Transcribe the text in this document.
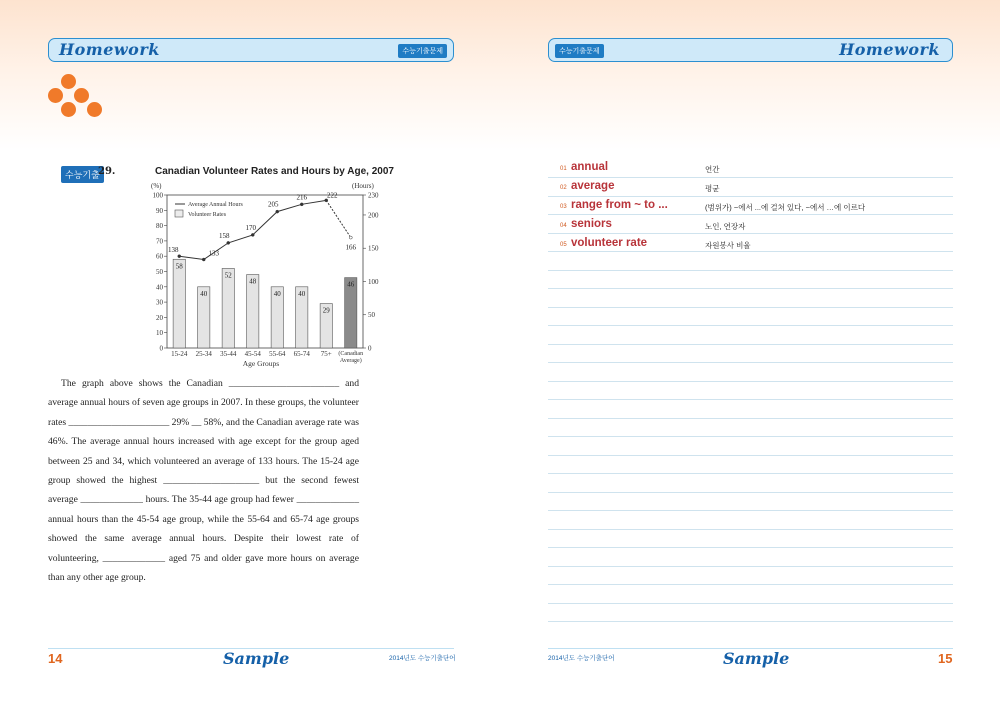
Homework	수능기출문제
수능기출
29.	Canadian Volunteer Rates and Hours by Age, 2007
(%)	(Hours)
0
10
20
30
40
50
60
70
80
90
100
0
50
100
150
200
230
58
15-24
40
25-34
52
35-44
48
45-54
40
55-64
40
65-74
29
75+
46
(Canadian
Average)
138	133
158
170
205
216	222
166
Average Annual Hours
Volunteer Rates
Age Groups

The graph above shows the Canadian _______________________ and average annual hours of seven age groups in 2007. In these groups, the volunteer rates _____________________ 29% __ 58%, and the Canadian average rate was 46%. The average annual hours increased with age except for the group aged between 25 and 34, which volunteered an average of 133 hours. The 15-24 age group showed the highest ____________________ but the second fewest average _____________ hours. The 35-44 age group had fewer _____________ annual hours than the 45-54 age group, while the 55-64 and 65-74 age groups showed the same average annual hours. Despite their lowest rate of volunteering, _____________ aged 75 and older gave more hours on average than any other age group.

14	Sample	2014년도 수능기출단어
수능기출문제	Homework
01 annual	연간
02 average	평균
03 range from ~ to ...	(범위가) ~에서 ...에 걸쳐 있다, ~에서 …에 이르다
04 seniors	노인, 연장자
05 volunteer rate	자원봉사 비율
2014년도 수능기출단어	Sample	15
